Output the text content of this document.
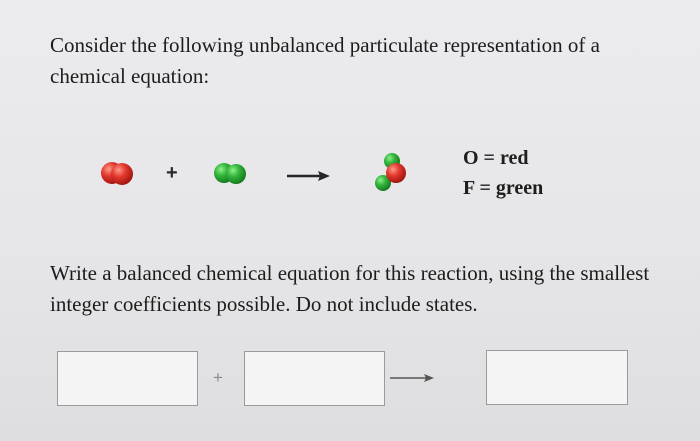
Consider the following unbalanced particulate representation of a chemical equation:

+
O = red
F = green

Write a balanced chemical equation for this reaction, using the smallest integer coefficients possible. Do not include states.

+
